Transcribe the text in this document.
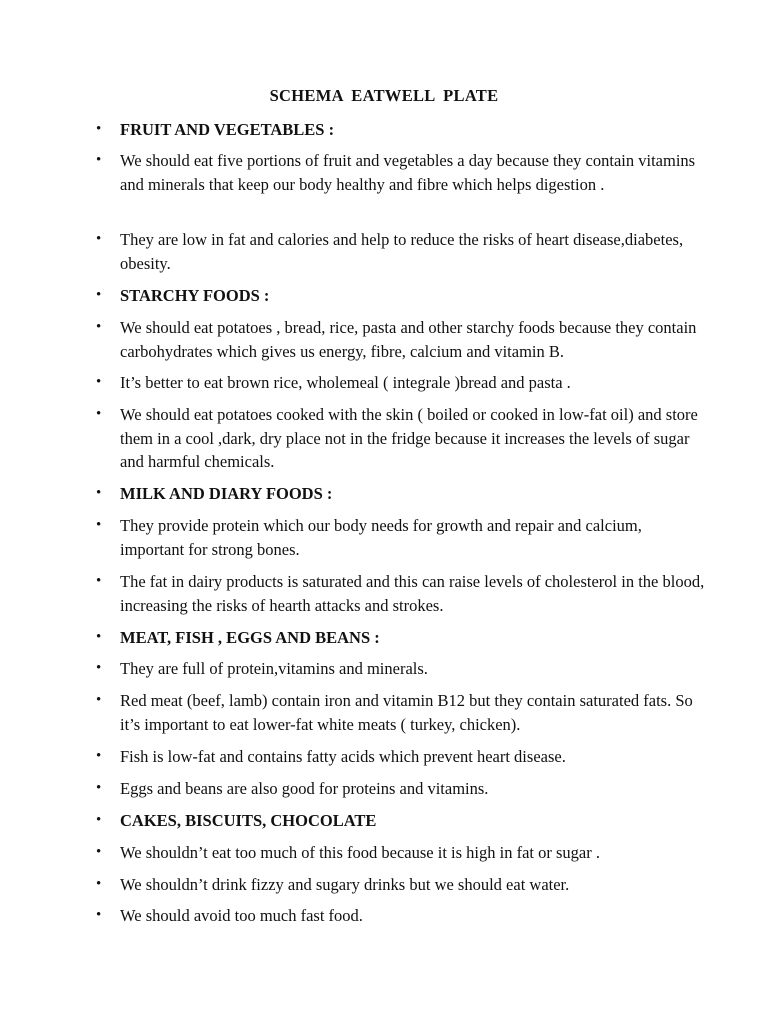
SCHEMA EATWELL PLATE
• FRUIT AND VEGETABLES :
• We should eat five portions of fruit and vegetables a day because they contain vitamins and minerals that keep our body healthy and fibre which helps digestion .
• They are low in fat and calories and help to reduce the risks of heart disease,diabetes, obesity.
• STARCHY FOODS :
• We should eat potatoes , bread, rice, pasta and other starchy foods because they contain carbohydrates which gives us energy, fibre, calcium and vitamin B.
• It’s better to eat brown rice, wholemeal ( integrale )bread and pasta .
• We should eat potatoes cooked with the skin ( boiled or cooked in low-fat oil) and store them in a cool ,dark, dry place not in the fridge because it increases the levels of sugar and harmful chemicals.
• MILK AND DIARY FOODS :
• They provide protein which our body needs for growth and repair and calcium, important for strong bones.
• The fat in dairy products is saturated and this can raise levels of cholesterol in the blood, increasing the risks of hearth attacks and strokes.
• MEAT, FISH , EGGS AND BEANS :
• They are full of protein,vitamins and minerals.
• Red meat (beef, lamb) contain iron and vitamin B12 but they contain saturated fats. So it’s important to eat lower-fat white meats ( turkey, chicken).
• Fish is low-fat and contains fatty acids which prevent heart disease.
• Eggs and beans are also good for proteins and vitamins.
• CAKES, BISCUITS, CHOCOLATE
• We shouldn’t eat too much of this food because it is high in fat or sugar .
• We shouldn’t drink fizzy and sugary drinks but we should eat water.
• We should avoid too much fast food.
